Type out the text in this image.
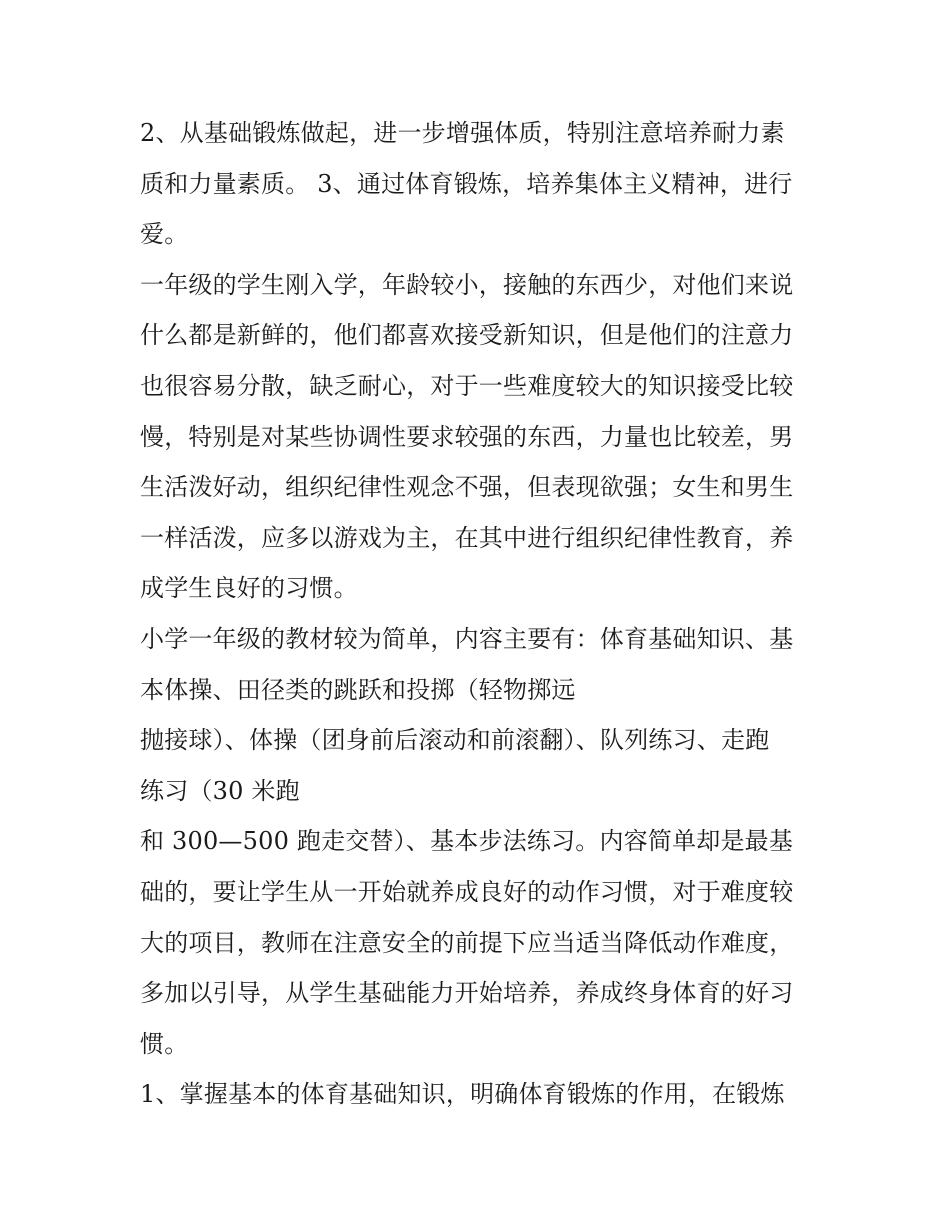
2、从基础锻炼做起，进一步增强体质，特别注意培养耐力素
质和力量素质。 3、通过体育锻炼，培养集体主义精神，进行
爱。
一年级的学生刚入学，年龄较小，接触的东西少，对他们来说
什么都是新鲜的，他们都喜欢接受新知识，但是他们的注意力
也很容易分散，缺乏耐心，对于一些难度较大的知识接受比较
慢，特别是对某些协调性要求较强的东西，力量也比较差，男
生活泼好动，组织纪律性观念不强，但表现欲强；女生和男生
一样活泼，应多以游戏为主，在其中进行组织纪律性教育，养
成学生良好的习惯。
小学一年级的教材较为简单，内容主要有：体育基础知识、基
本体操、田径类的跳跃和投掷（轻物掷远
抛接球）、体操（团身前后滚动和前滚翻）、队列练习、走跑
练习（30 米跑
和 300—500 跑走交替）、基本步法练习。内容简单却是最基
础的，要让学生从一开始就养成良好的动作习惯，对于难度较
大的项目，教师在注意安全的前提下应当适当降低动作难度，
多加以引导，从学生基础能力开始培养，养成终身体育的好习
惯。
1、掌握基本的体育基础知识，明确体育锻炼的作用，在锻炼
